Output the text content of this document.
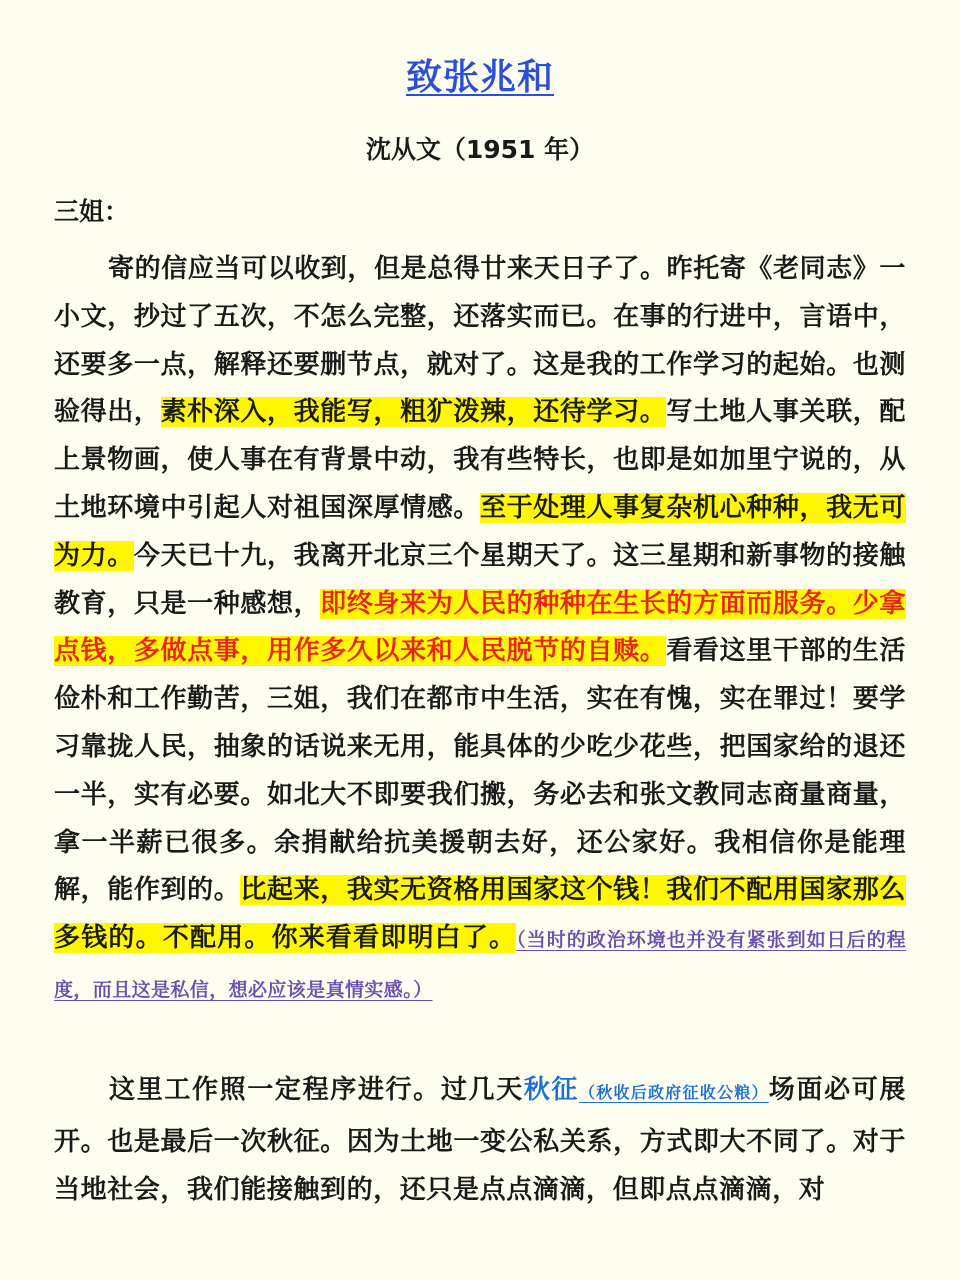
致张兆和
沈从文（1951 年）
三姐：
寄的信应当可以收到，但是总得廿来天日子了。昨托寄《老同志》一小文，抄过了五次，不怎么完整，还落实而已。在事的行进中，言语中，还要多一点，解释还要删节点，就对了。这是我的工作学习的起始。也测验得出，素朴深入，我能写，粗犷泼辣，还待学习。写土地人事关联，配上景物画，使人事在有背景中动，我有些特长，也即是如加里宁说的，从土地环境中引起人对祖国深厚情感。至于处理人事复杂机心种种，我无可为力。今天已十九，我离开北京三个星期天了。这三星期和新事物的接触教育，只是一种感想，即终身来为人民的种种在生长的方面而服务。少拿点钱，多做点事，用作多久以来和人民脱节的自赎。看看这里干部的生活俭朴和工作勤苦，三姐，我们在都市中生活，实在有愧，实在罪过！要学习靠拢人民，抽象的话说来无用，能具体的少吃少花些，把国家给的退还一半，实有必要。如北大不即要我们搬，务必去和张文教同志商量商量，拿一半薪已很多。余捐献给抗美援朝去好，还公家好。我相信你是能理解，能作到的。比起来，我实无资格用国家这个钱！我们不配用国家那么多钱的。不配用。你来看看即明白了。（当时的政治环境也并没有紧张到如日后的程度，而且这是私信，想必应该是真情实感。）
这里工作照一定程序进行。过几天秋征（秋收后政府征收公粮）场面必可展开。也是最后一次秋征。因为土地一变公私关系，方式即大不同了。对于当地社会，我们能接触到的，还只是点点滴滴，但即点点滴滴，对
